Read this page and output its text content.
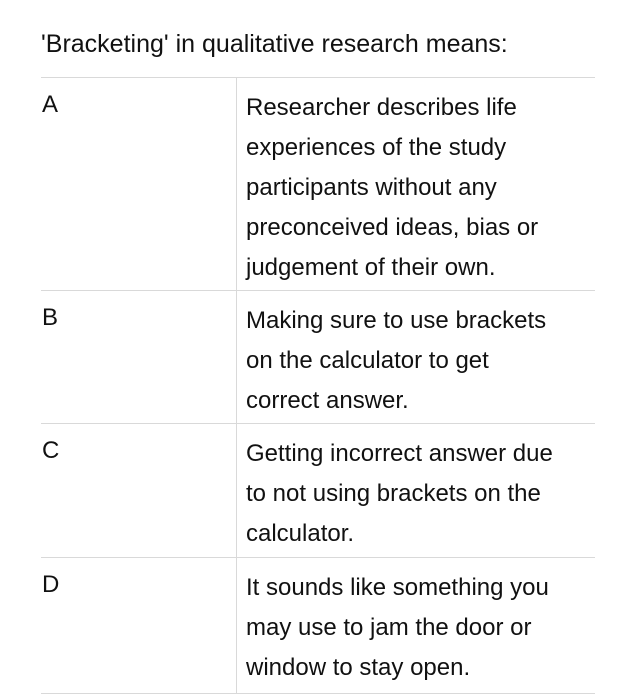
'Bracketing' in qualitative research means:
A	Researcher describes life
experiences of the study
participants without any
preconceived ideas, bias or
judgement of their own.
B	Making sure to use brackets
on the calculator to get
correct answer.
C	Getting incorrect answer due
to not using brackets on the
calculator.
D	It sounds like something you
may use to jam the door or
window to stay open.
